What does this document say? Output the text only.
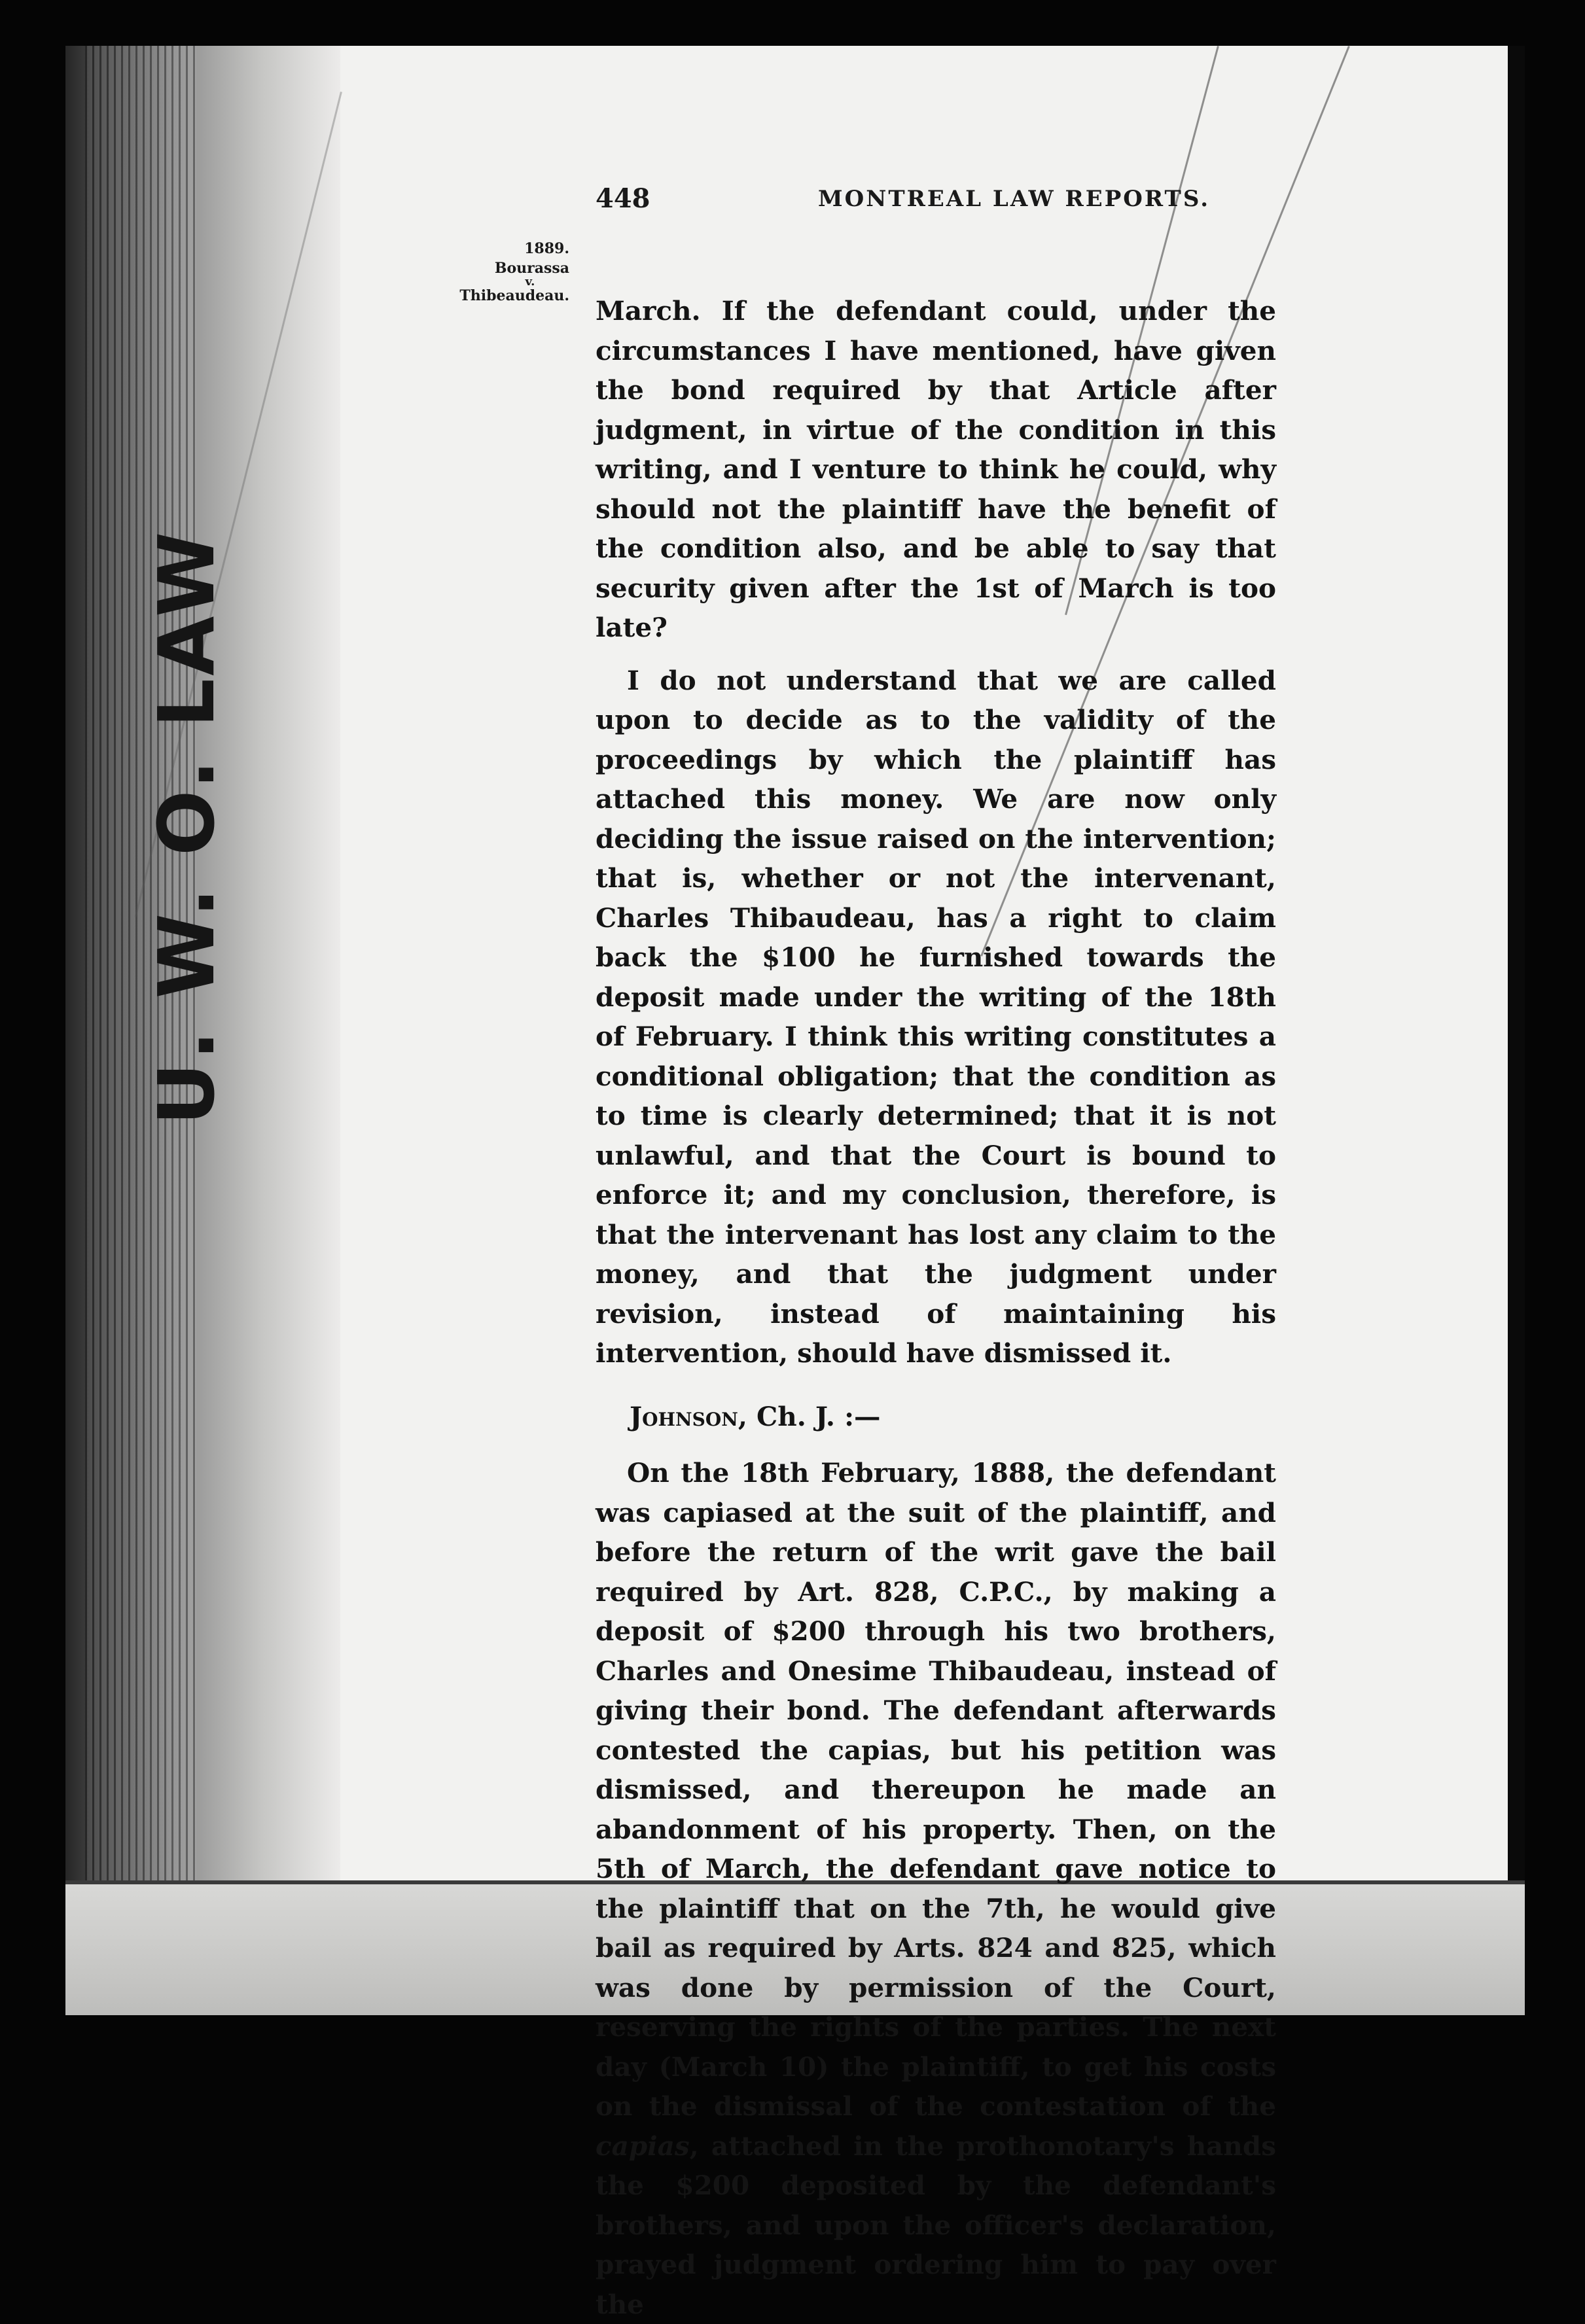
U. W.
448	MONTREAL LAW REPORTS.
1889.
Bourassa
v.
Thibeaudeau. March. If the defendant could, under the circumstances I have mentioned, have given the bond required by that Article after judgment, in virtue of the condition in this writing, and I venture to think he could, why should not the plaintiff have the benefit of the condition also, and be able to say that security given after the 1st of March is too late?

I do not understand that we are called upon to decide as to the validity of the proceedings by which the plaintiff has attached this money. We are now only deciding the issue raised on the intervention; that is, whether or not the intervenant, Charles Thibaudeau, has a right to claim back the $100 he furnished towards the deposit made under the writing of the 18th of February. I think this writing constitutes a conditional obligation; that the condition as to time is clearly determined; that it is not unlawful, and that the Court is bound to enforce it; and my conclusion, therefore, is that the intervenant has lost any claim to the money, and that the judgment under revision, instead of maintaining his intervention, should have dismissed it.

Johnson, Ch. J. :—

On the 18th February, 1888, the defendant was capiased at the suit of the plaintiff, and before the return of the writ gave the bail required by Art. 828, C.P.C., by making a deposit of $200 through his two brothers, Charles and Onesime Thibaudeau, instead of giving their bond. The defendant afterwards contested the capias, but his petition was dismissed, and thereupon he made an abandonment of his property. Then, on the 5th of March, the defendant gave notice to the plaintiff that on the 7th, he would give bail as required by Arts. 824 and 825, which was done by permission of the Court, reserving the rights of the parties. The next day (March 10) the plaintiff, to get his costs on the dismissal of the contestation of the capias, attached in the prothonotary's hands the $200 deposited by the defendant's brothers, and upon the officer's declaration, prayed judgment ordering him to pay over the
